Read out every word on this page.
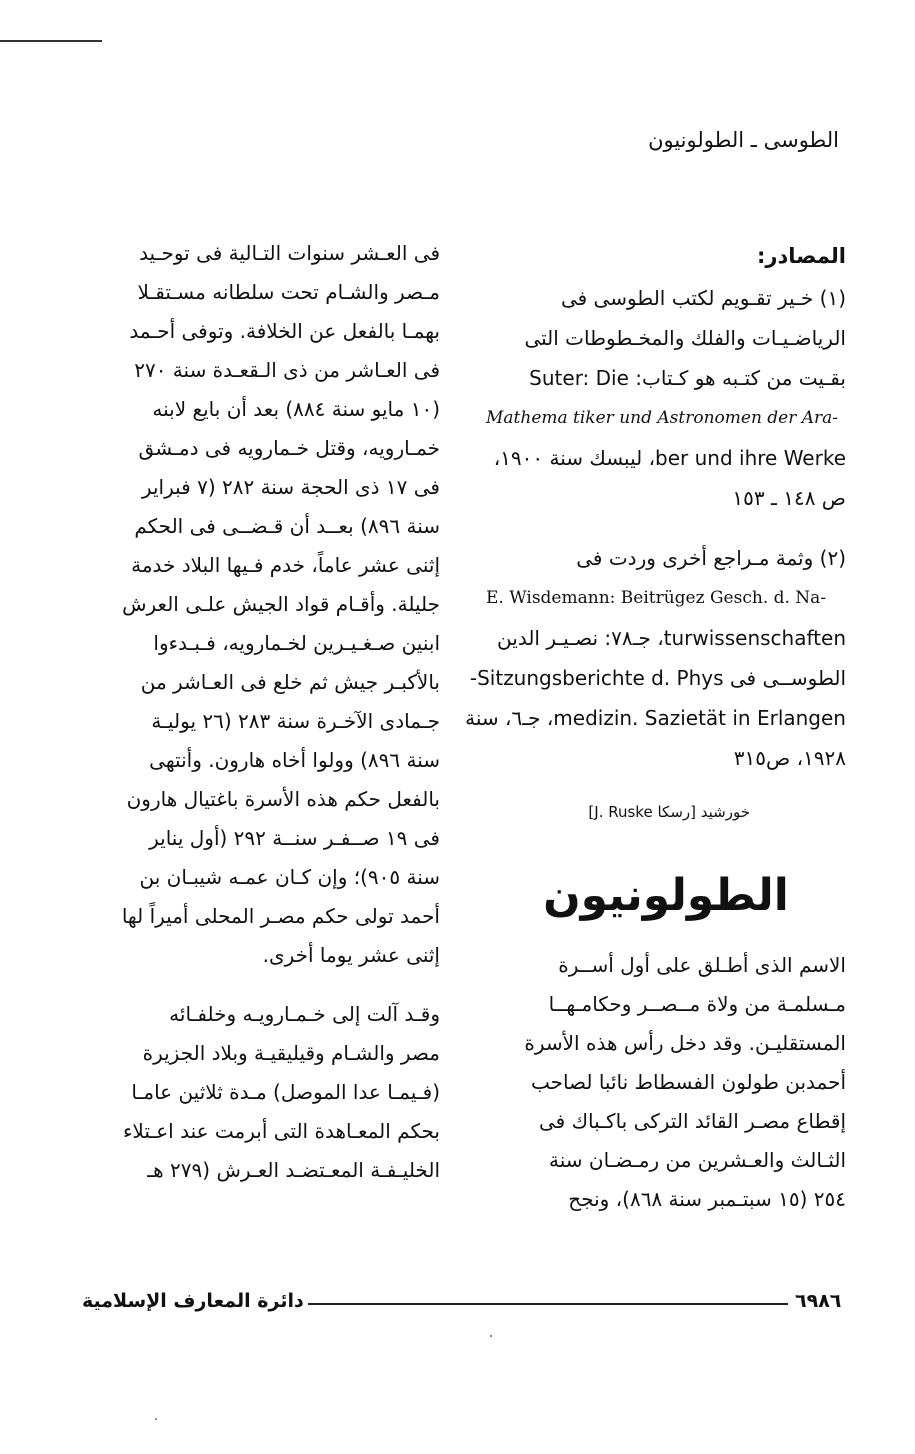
الطوسى ـ الطولونيون
المصادر:
(١) خـير تقـويم لكتب الطوسى فى
الرياضـيـات والفلك والمخـطوطات التى
بقـيت من كتـبه هو كـتاب: Suter: Die
Mathema tiker und Astronomen der Ara-
ber und ihre Werke، ليبسك سنة ١٩٠٠،
ص ١٤٨ ـ ١٥٣
(٢) وثمة مـراجع أخرى وردت فى
E. Wisdemann: Beitrügez Gesch. d. Na-
turwissenschaften، جـ٧٨: نصـيـر الدين
الطوســى فى Sitzungsberichte d. Phys-
medizin. Sazietät in Erlangen، جـ٦، سنة
١٩٢٨، ص٣١٥
خورشيد [رسكا J. Ruske]
الطولونيون
الاسم الذى أطـلق على أول أســرة
مـسلمـة من ولاة مــصــر وحكامـهــا
المستقليـن. وقد دخل رأس هذه الأسرة
أحمدبن طولون الفسطاط نائبا لصاحب
إقطاع مصـر القائد التركى باكـباك فى
الثـالث والعـشرين من رمـضـان سنة
٢٥٤ (١٥ سبتـمبر سنة ٨٦٨)، ونجح
فى العـشر سنوات التـالية فى توحـيد
مـصر والشـام تحت سلطانه مسـتقـلا
بهمـا بالفعل عن الخلافة. وتوفى أحـمد
فى العـاشر من ذى الـقعـدة سنة ٢٧٠
(١٠ مايو سنة ٨٨٤) بعد أن بايع لابنه
خمـارويه، وقتل خـمارويه فى دمـشق
فى ١٧ ذى الحجة سنة ٢٨٢ (٧ فبراير
سنة ٨٩٦) بعــد أن قـضــى فى الحكم
إثنى عشر عاماً، خدم فـيها البلاد خدمة
جليلة. وأقـام قواد الجيش علـى العرش
ابنين صـغـيـرين لخـمارويه، فـبـدءوا
بالأكبـر جيش ثم خلع فى العـاشر من
جـمادى الآخـرة سنة ٢٨٣ (٢٦ يوليـة
سنة ٨٩٦) وولوا أخاه هارون. وأنتهى
بالفعل حكم هذه الأسرة باغتيال هارون
فى ١٩ صــفـر سنــة ٢٩٢ (أول يناير
سنة ٩٠٥)؛ وإن كـان عمـه شيبـان بن
أحمد تولى حكم مصـر المحلى أميراً لها
إثنى عشر يوما أخرى.
وقـد آلت إلى خـمـارويـه وخلفـائه
مصر والشـام وقيليقيـة وبلاد الجزيرة
(فـيمـا عدا الموصل) مـدة ثلاثين عامـا
بحكم المعـاهدة التى أبرمت عند اعـتلاء
الخليـفـة المعـتضـد العـرش (٢٧٩ هـ
دائرة المعارف الإسلامية	٦٩٨٦
